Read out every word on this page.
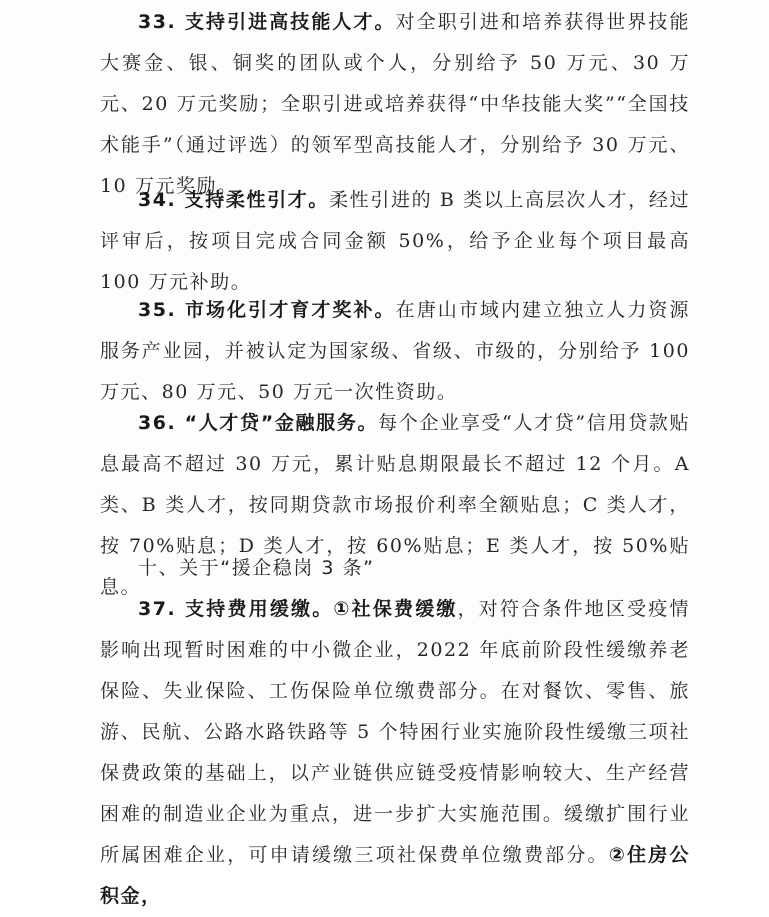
33. 支持引进高技能人才。对全职引进和培养获得世界技能大赛金、银、铜奖的团队或个人，分别给予 50 万元、30 万元、20 万元奖励；全职引进或培养获得“中华技能大奖”“全国技术能手”（通过评选）的领军型高技能人才，分别给予 30 万元、10 万元奖励。

34. 支持柔性引才。柔性引进的 B 类以上高层次人才，经过评审后，按项目完成合同金额 50%，给予企业每个项目最高 100 万元补助。

35. 市场化引才育才奖补。在唐山市域内建立独立人力资源服务产业园，并被认定为国家级、省级、市级的，分别给予 100 万元、80 万元、50 万元一次性资助。

36. “人才贷”金融服务。每个企业享受“人才贷”信用贷款贴息最高不超过 30 万元，累计贴息期限最长不超过 12 个月。A 类、B 类人才，按同期贷款市场报价利率全额贴息；C 类人才，按 70%贴息；D 类人才，按 60%贴息；E 类人才，按 50%贴息。

十、关于“援企稳岗 3 条”

37. 支持费用缓缴。①社保费缓缴，对符合条件地区受疫情影响出现暂时困难的中小微企业，2022 年底前阶段性缓缴养老保险、失业保险、工伤保险单位缴费部分。在对餐饮、零售、旅游、民航、公路水路铁路等 5 个特困行业实施阶段性缓缴三项社保费政策的基础上，以产业链供应链受疫情影响较大、生产经营困难的制造业企业为重点，进一步扩大实施范围。缓缴扩围行业所属困难企业，可申请缓缴三项社保费单位缴费部分。②住房公积金，
